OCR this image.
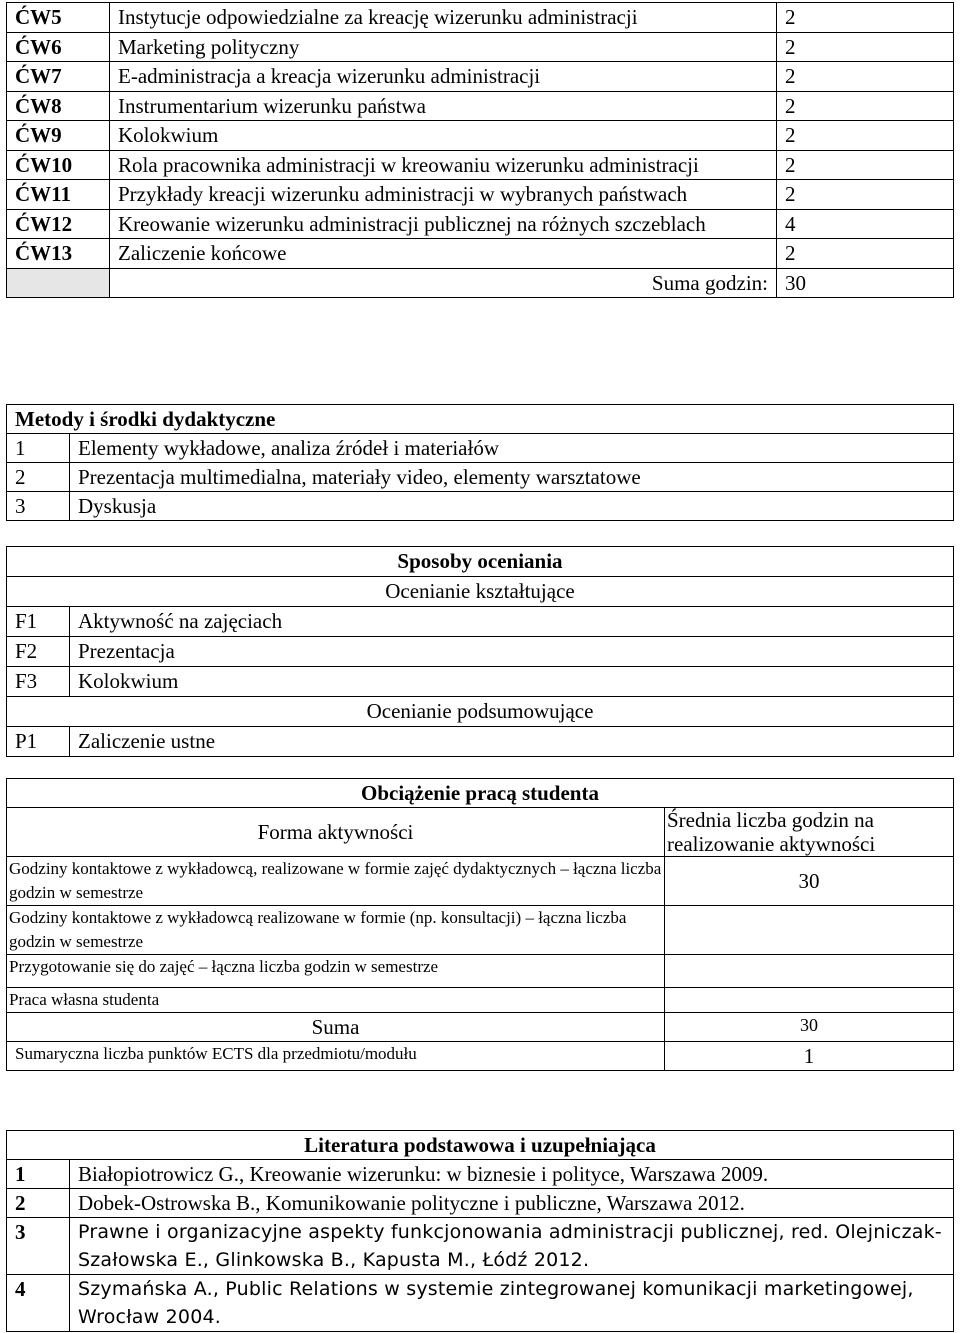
ĆW5	Instytucje odpowiedzialne za kreację wizerunku administracji	2
ĆW6	Marketing polityczny	2
ĆW7	E-administracja a kreacja wizerunku administracji	2
ĆW8	Instrumentarium wizerunku państwa	2
ĆW9	Kolokwium	2
ĆW10	Rola pracownika administracji w kreowaniu wizerunku administracji	2
ĆW11	Przykłady kreacji wizerunku administracji w wybranych państwach	2
ĆW12	Kreowanie wizerunku administracji publicznej na różnych szczeblach	4
ĆW13	Zaliczenie końcowe	2
	Suma godzin:	30
Metody i środki dydaktyczne	
1	Elementy wykładowe, analiza źródeł i materiałów
2	Prezentacja multimedialna, materiały video, elementy warsztatowe
3	Dyskusja
Sposoby oceniania	
Ocenianie kształtujące	
F1	Aktywność na zajęciach
F2	Prezentacja
F3	Kolokwium
Ocenianie podsumowujące	
P1	Zaliczenie ustne
Obciążenie pracą studenta	
Forma aktywności	Średnia liczba godzin na realizowanie aktywności
Godziny kontaktowe z wykładowcą, realizowane w formie zajęć dydaktycznych – łączna liczba godzin w semestrze	30
Godziny kontaktowe z wykładowcą realizowane w formie (np. konsultacji) – łączna liczba godzin w semestrze	
Przygotowanie się do zajęć – łączna liczba godzin w semestrze	
Praca własna studenta	
Suma	30
Sumaryczna liczba punktów ECTS dla przedmiotu/modułu	1
Literatura podstawowa i uzupełniająca	
1	Białopiotrowicz G., Kreowanie wizerunku: w biznesie i polityce, Warszawa 2009.
2	Dobek-Ostrowska B., Komunikowanie polityczne i publiczne, Warszawa 2012.
3	Prawne i organizacyjne aspekty funkcjonowania administracji publicznej, red. Olejniczak-Szałowska E., Glinkowska B., Kapusta M., Łódź 2012.
4	Szymańska A., Public Relations w systemie zintegrowanej komunikacji marketingowej, Wrocław 2004.
